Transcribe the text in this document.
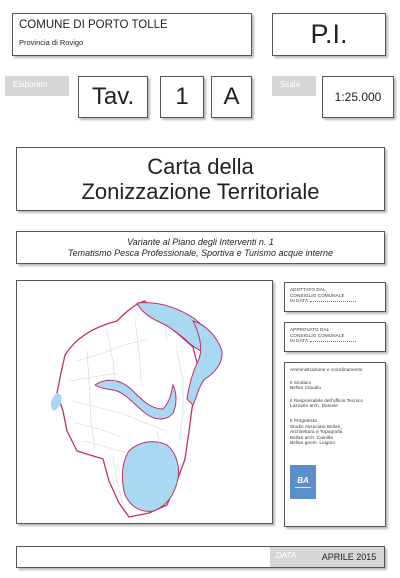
COMUNE DI PORTO TOLLE
Provincia di Rovigo	P.I.
Elaborato	Tav. 1 A	Scala
1:25.000
Carta della
Zonizzazione Territoriale
Variante al Piano degli Interventi n. 1
Tematismo Pesca Professionale, Sportiva e Turismo acque interne
ADOTTATO DAL
CONSIGLIO COMUNALE
IN DATA
APPROVATO DAL
CONSIGLIO COMUNALE
IN DATA
Amministrazione e coordinamento
Il Sindaco
Bellan Claudio
Il Responsabile dell'ufficio Tecnico
Lazzarin arch. Daniele
Il Progettista
Studio Associato Bellan_
Architettura e Topografia
Bellan arch. Camilla
Bellan geom. Luigino
BA
DATA	APRILE 2015
